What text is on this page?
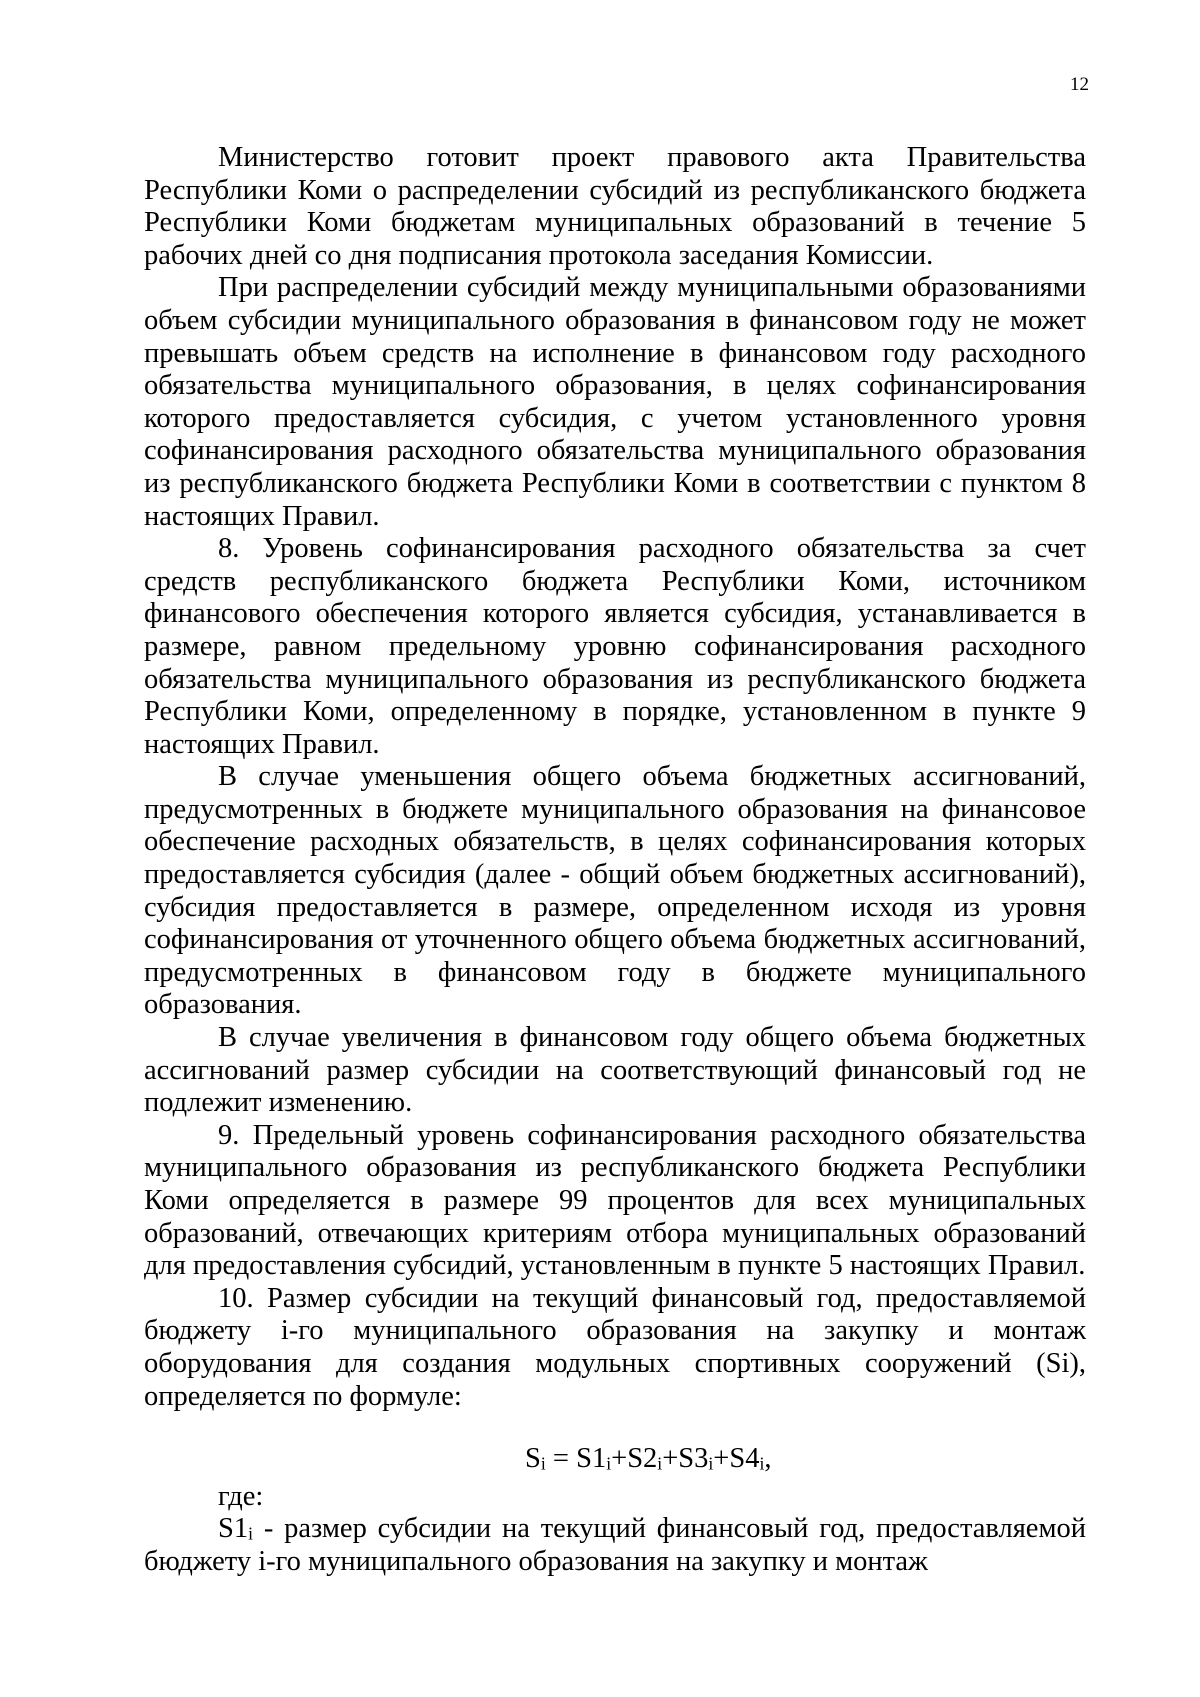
12

Министерство готовит проект правового акта Правительства Республики Коми о распределении субсидий из республиканского бюджета Республики Коми бюджетам муниципальных образований в течение 5 рабочих дней со дня подписания протокола заседания Комиссии.

При распределении субсидий между муниципальными образованиями объем субсидии муниципального образования в финансовом году не может превышать объем средств на исполнение в финансовом году расходного обязательства муниципального образования, в целях софинансирования которого предоставляется субсидия, с учетом установленного уровня софинансирования расходного обязательства муниципального образования из республиканского бюджета Республики Коми в соответствии с пунктом 8 настоящих Правил.

8. Уровень софинансирования расходного обязательства за счет средств республиканского бюджета Республики Коми, источником финансового обеспечения которого является субсидия, устанавливается в размере, равном предельному уровню софинансирования расходного обязательства муниципального образования из республиканского бюджета Республики Коми, определенному в порядке, установленном в пункте 9 настоящих Правил.

В случае уменьшения общего объема бюджетных ассигнований, предусмотренных в бюджете муниципального образования на финансовое обеспечение расходных обязательств, в целях софинансирования которых предоставляется субсидия (далее - общий объем бюджетных ассигнований), субсидия предоставляется в размере, определенном исходя из уровня софинансирования от уточненного общего объема бюджетных ассигнований, предусмотренных в финансовом году в бюджете муниципального образования.

В случае увеличения в финансовом году общего объема бюджетных ассигнований размер субсидии на соответствующий финансовый год не подлежит изменению.

9. Предельный уровень софинансирования расходного обязательства муниципального образования из республиканского бюджета Республики Коми определяется в размере 99 процентов для всех муниципальных образований, отвечающих критериям отбора муниципальных образований для предоставления субсидий, установленным в пункте 5 настоящих Правил.

10. Размер субсидии на текущий финансовый год, предоставляемой бюджету i-го муниципального образования на закупку и монтаж оборудования для создания модульных спортивных сооружений (Si), определяется по формуле:

$S_i = S1_i+S2_i+S3_i+S4_i$,

где:

$S1_i$ - размер субсидии на текущий финансовый год, предоставляемой бюджету i-го муниципального образования на закупку и монтаж
